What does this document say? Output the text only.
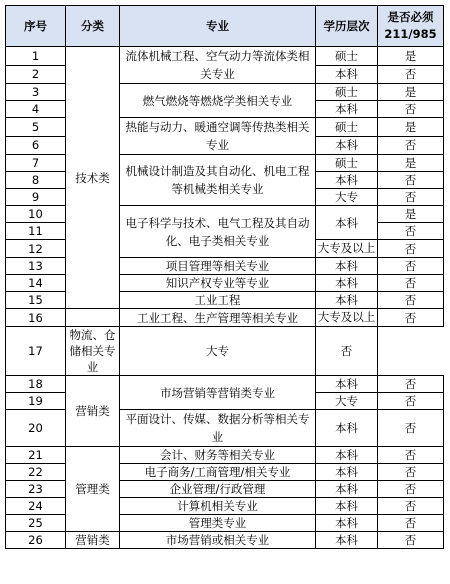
序号	分类	专业	学历层次	是否必须211/985
1	技术类	流体机械工程、空气动力等流体类相关专业	硕士	是
2			本科	否
3		燃气燃烧等燃烧学类相关专业	硕士	是
4			本科	否
5		热能与动力、暖通空调等传热类相关专业	硕士	是
6			本科	否
7		机械设计制造及其自动化、机电工程等机械类相关专业	硕士	是
8			本科	否
9			大专	否
10		电子科学与技术、电气工程及其自动化、电子类相关专业	本科	是
11				否
12			大专及以上	否

13		项目管理等相关专业	本科	否
14		知识产权专业等专业	本科	否
15		工业工程	本科	否
16		工业工程、生产管理等相关专业	大专及以上	否

17	物流、仓储相关专业	大专	否	
18	营销类	市场营销等营销类专业	本科	否
19			大专	否
20		平面设计、传媒、数据分析等相关专业	本科	否

21	管理类	会计、财务等相关专业	本科	否
22		电子商务/工商管理/相关专业	本科	否
23		企业管理/行政管理	本科	否
24		计算机相关专业	本科	否
25		管理类专业	本科	否
26	营销类	市场营销或相关专业	本科	否
